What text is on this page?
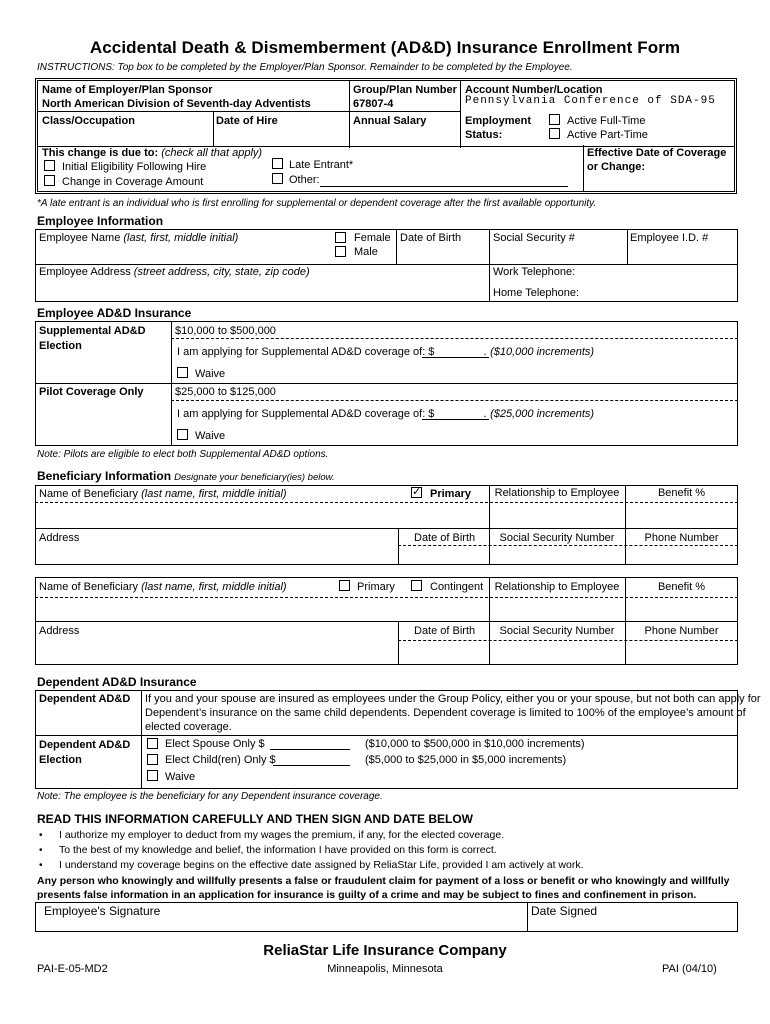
Accidental Death & Dismemberment (AD&D) Insurance Enrollment Form
INSTRUCTIONS: Top box to be completed by the Employer/Plan Sponsor. Remainder to be completed by the Employee.
Name of Employer/Plan Sponsor
North American Division of Seventh-day Adventists
Group/Plan Number
67807-4
Account Number/Location
Pennsylvania Conference of SDA-95
Class/Occupation	Date of Hire	Annual Salary	Employment
Status:
Active Full-Time
Active Part-Time
This change is due to: (check all that apply)
Initial Eligibility Following Hire
Change in Coverage Amount
Late Entrant*
Other:
Effective Date of Coverage
or Change:
*A late entrant is an individual who is first enrolling for supplemental or dependent coverage after the first available opportunity.
Employee Information
Employee Name (last, first, middle initial)	Female
Male
Date of Birth	Social Security #	Employee I.D. #
Employee Address (street address, city, state, zip code)	Work Telephone:
Home Telephone:
Employee AD&D Insurance
Supplemental AD&D
Election
$10,000 to $500,000
I am applying for Supplemental AD&D coverage of: $	. ($10,000 increments)
Waive
Pilot Coverage Only	$25,000 to $125,000
I am applying for Supplemental AD&D coverage of: $	. ($25,000 increments)
Waive
Note: Pilots are eligible to elect both Supplemental AD&D options.
Beneficiary Information Designate your beneficiary(ies) below.
Name of Beneficiary (last name, first, middle initial)	✓ Primary	Relationship to Employee	Benefit %
Address	Date of Birth	Social Security Number	Phone Number
Name of Beneficiary (last name, first, middle initial)	Primary	Contingent	Relationship to Employee	Benefit %
Address	Date of Birth	Social Security Number	Phone Number
Dependent AD&D Insurance
Dependent AD&D If you and your spouse are insured as employees under the Group Policy, either you or your spouse, but not both can apply for
Dependent’s insurance on the same child dependents. Dependent coverage is limited to 100% of the employee’s amount of
elected coverage.
Dependent AD&D
Election
Elect Spouse Only $	($10,000 to $500,000 in $10,000 increments)
Elect Child(ren) Only $	($5,000 to $25,000 in $5,000 increments)
Waive
Note: The employee is the beneficiary for any Dependent insurance coverage.
READ THIS INFORMATION CAREFULLY AND THEN SIGN AND DATE BELOW
• I authorize my employer to deduct from my wages the premium, if any, for the elected coverage.
• To the best of my knowledge and belief, the information I have provided on this form is correct.
• I understand my coverage begins on the effective date assigned by ReliaStar Life, provided I am actively at work.
Any person who knowingly and willfully presents a false or fraudulent claim for payment of a loss or benefit or who knowingly and willfully
presents false information in an application for insurance is guilty of a crime and may be subject to fines and confinement in prison.
Employee's Signature	Date Signed
ReliaStar Life Insurance Company
Minneapolis, Minnesota
PAI-E-05-MD2	PAI (04/10)
